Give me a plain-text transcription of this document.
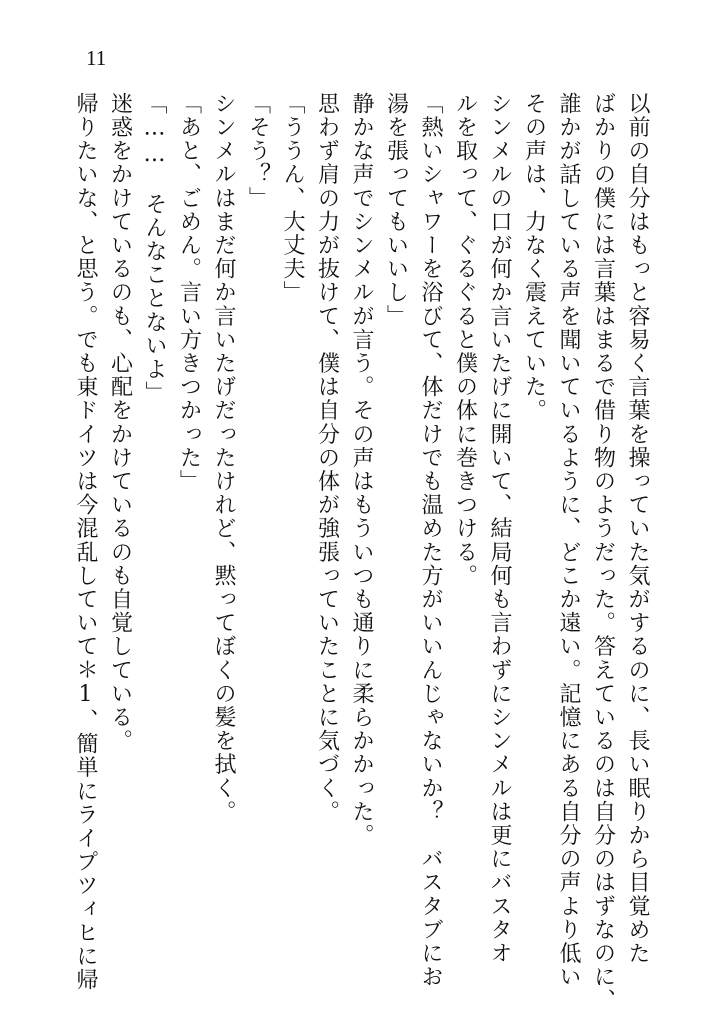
11
以前の自分はもっと容易く言葉を操っていた気がするのに、長い眠りから目覚めた
ばかりの僕には言葉はまるで借り物のようだった。答えているのは自分のはずなのに、
誰かが話している声を聞いているように、どこか遠い。記憶にある自分の声より低い
その声は、力なく震えていた。
シンメルの口が何か言いたげに開いて、結局何も言わずにシンメルは更にバスタオ
ルを取って、ぐるぐると僕の体に巻きつける。
「熱いシャワーを浴びて、体だけでも温めた方がいいんじゃないか？　バスタブにお
湯を張ってもいいし」
静かな声でシンメルが言う。その声はもういつも通りに柔らかかった。
思わず肩の力が抜けて、僕は自分の体が強張っていたことに気づく。
「ううん、大丈夫」
「そう？」
シンメルはまだ何か言いたげだったけれど、黙ってぼくの髪を拭く。
「あと、ごめん。言い方きつかった」
「……　そんなことないよ」
迷惑をかけているのも、心配をかけているのも自覚している。
帰りたいな、と思う。でも東ドイツは今混乱していて＊1、簡単にライプツィヒに帰
